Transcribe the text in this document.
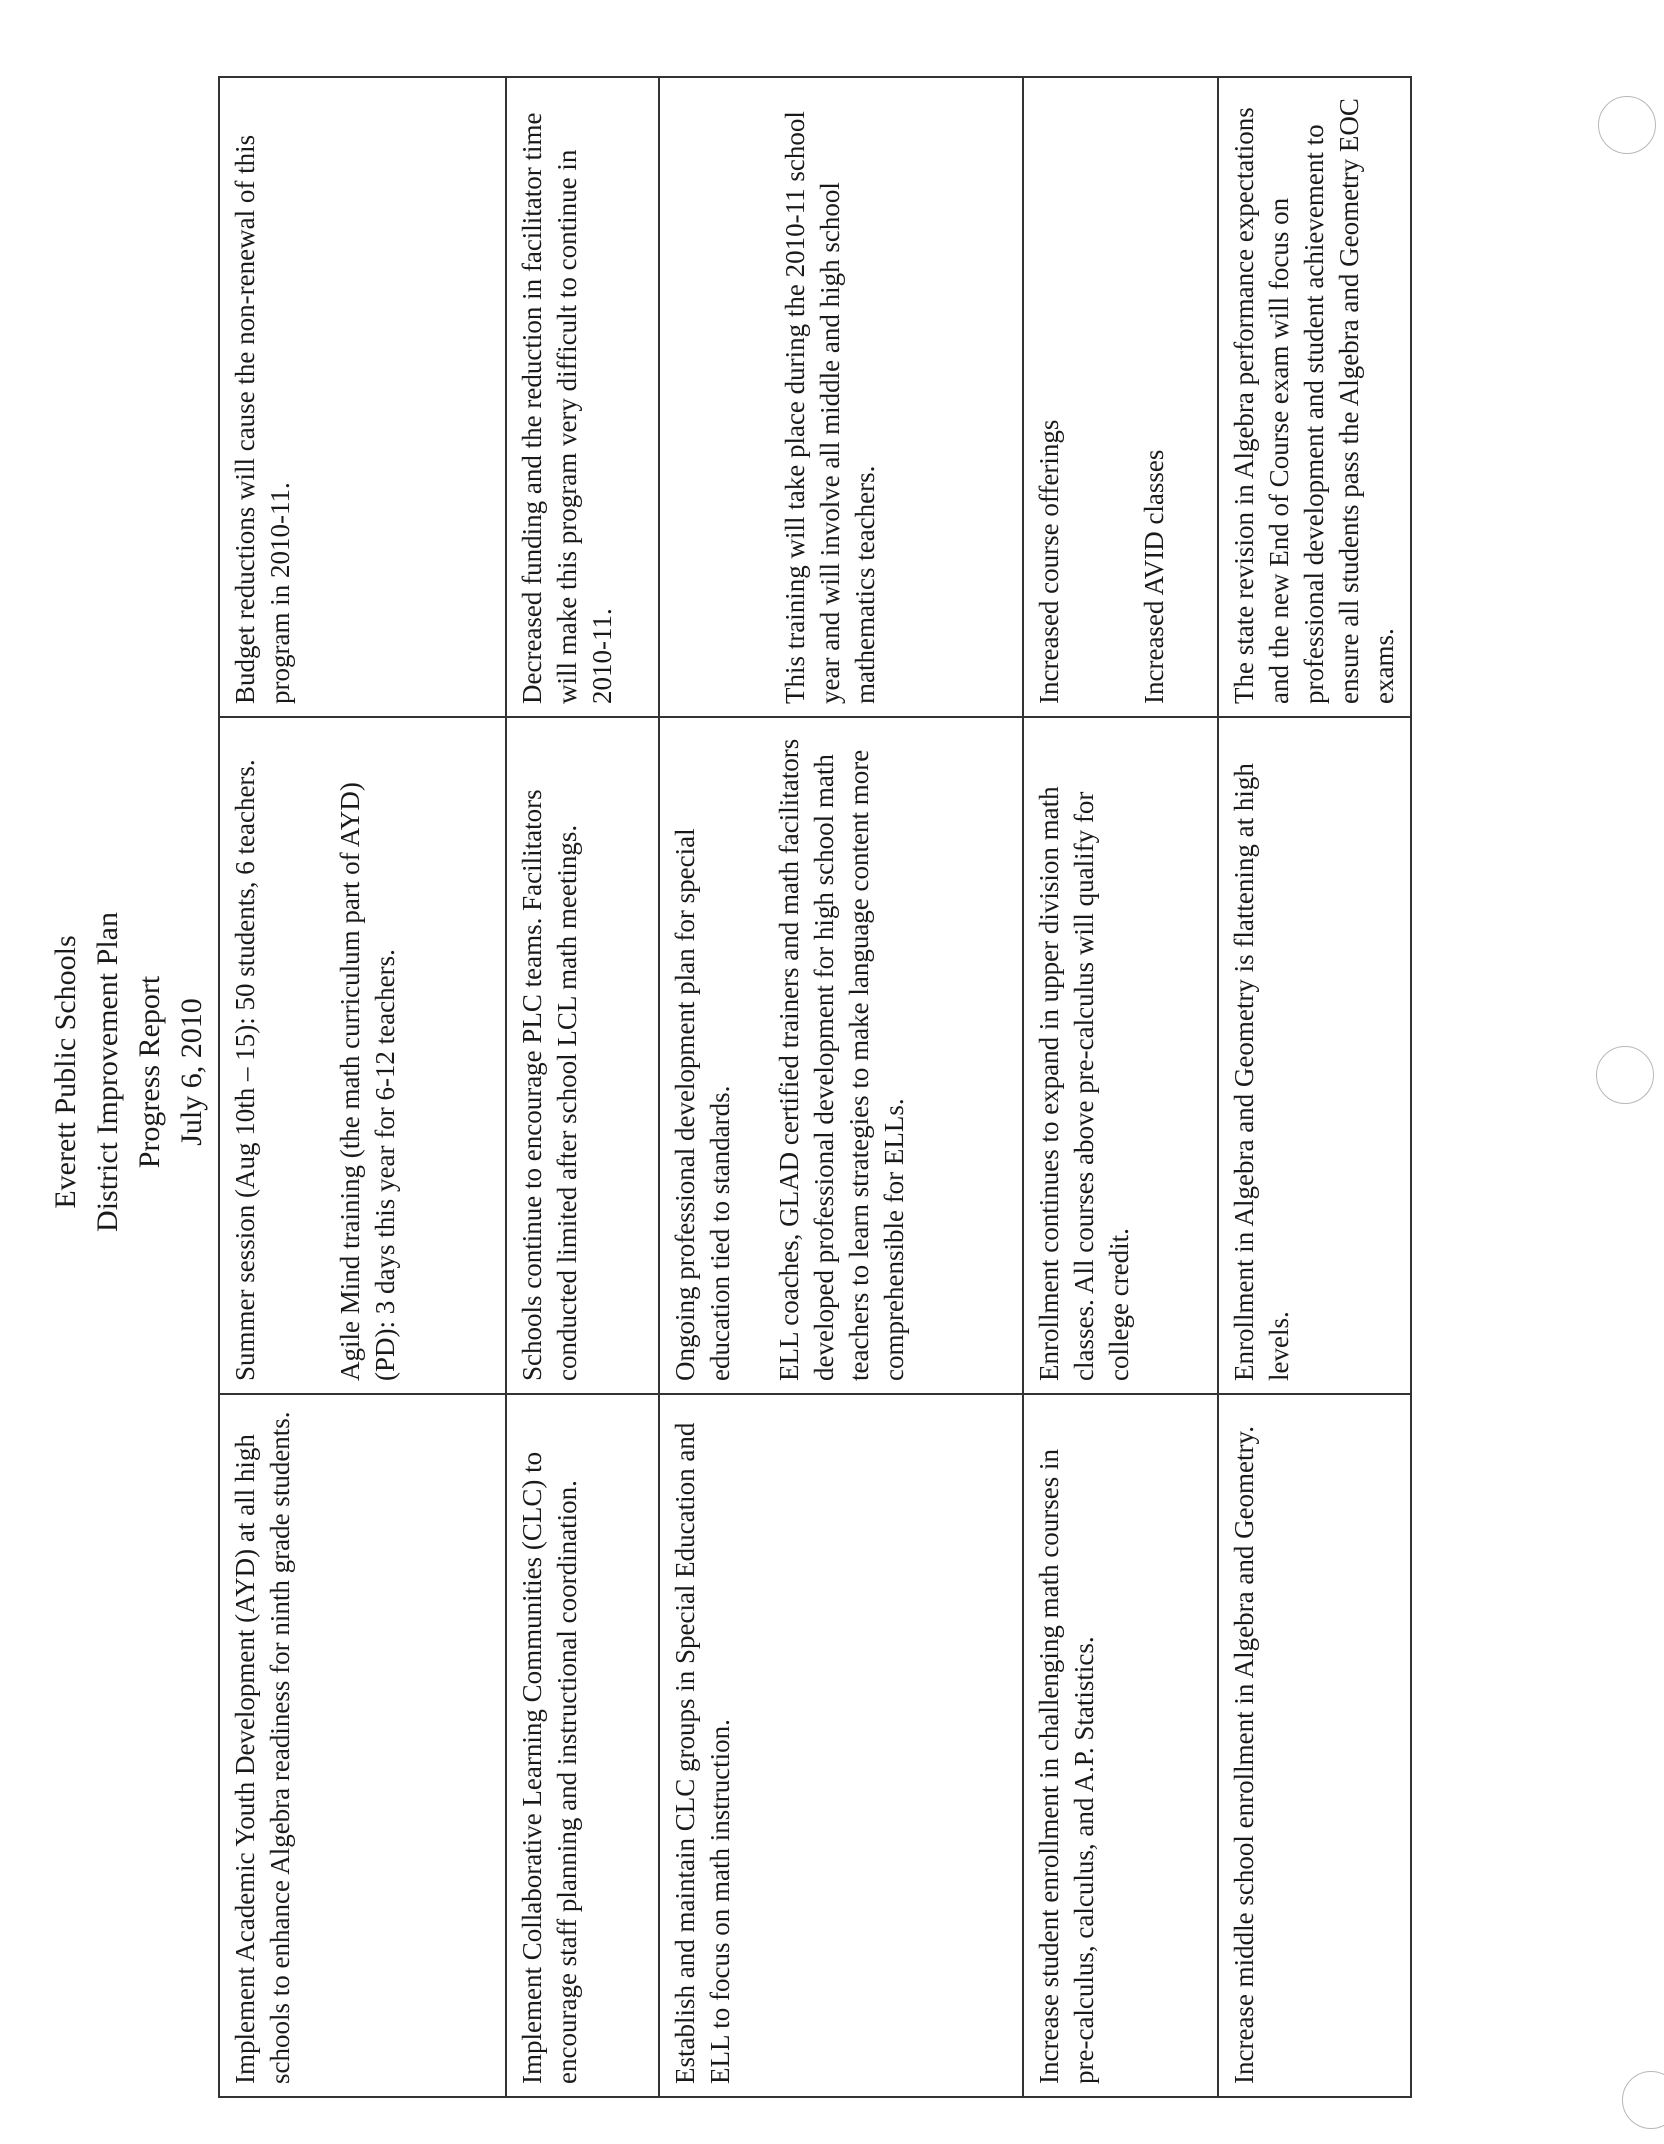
Everett Public Schools District Improvement Plan Progress Report July 6, 2010
Implement Academic Youth Development (AYD) at all high schools to enhance Algebra readiness for ninth grade students.	Summer session (Aug 10th – 15): 50 students, 6 teachers. Agile Mind training (the math curriculum part of AYD) (PD): 3 days this year for 6-12 teachers.	Budget reductions will cause the non-renewal of this program in 2010-11.

Implement Collaborative Learning Communities (CLC) to encourage staff planning and instructional coordination.	Schools continue to encourage PLC teams. Facilitators conducted limited after school LCL math meetings.	Decreased funding and the reduction in facilitator time will make this program very difficult to continue in 2010-11.

Establish and maintain CLC groups in Special Education and ELL to focus on math instruction.	Ongoing professional development plan for special education tied to standards. ELL coaches, GLAD certified trainers and math facilitators developed professional development for high school math teachers to learn strategies to make language content more comprehensible for ELLs.	This training will take place during the 2010-11 school year and will involve all middle and high school mathematics teachers.

Increase student enrollment in challenging math courses in pre-calculus, calculus, and A.P. Statistics.	Enrollment continues to expand in upper division math classes. All courses above pre-calculus will qualify for college credit.	Increased course offerings Increased AVID classes

Increase middle school enrollment in Algebra and Geometry.	Enrollment in Algebra and Geometry is flattening at high levels.	The state revision in Algebra performance expectations and the new End of Course exam will focus on professional development and student achievement to ensure all students pass the Algebra and Geometry EOC exams.
